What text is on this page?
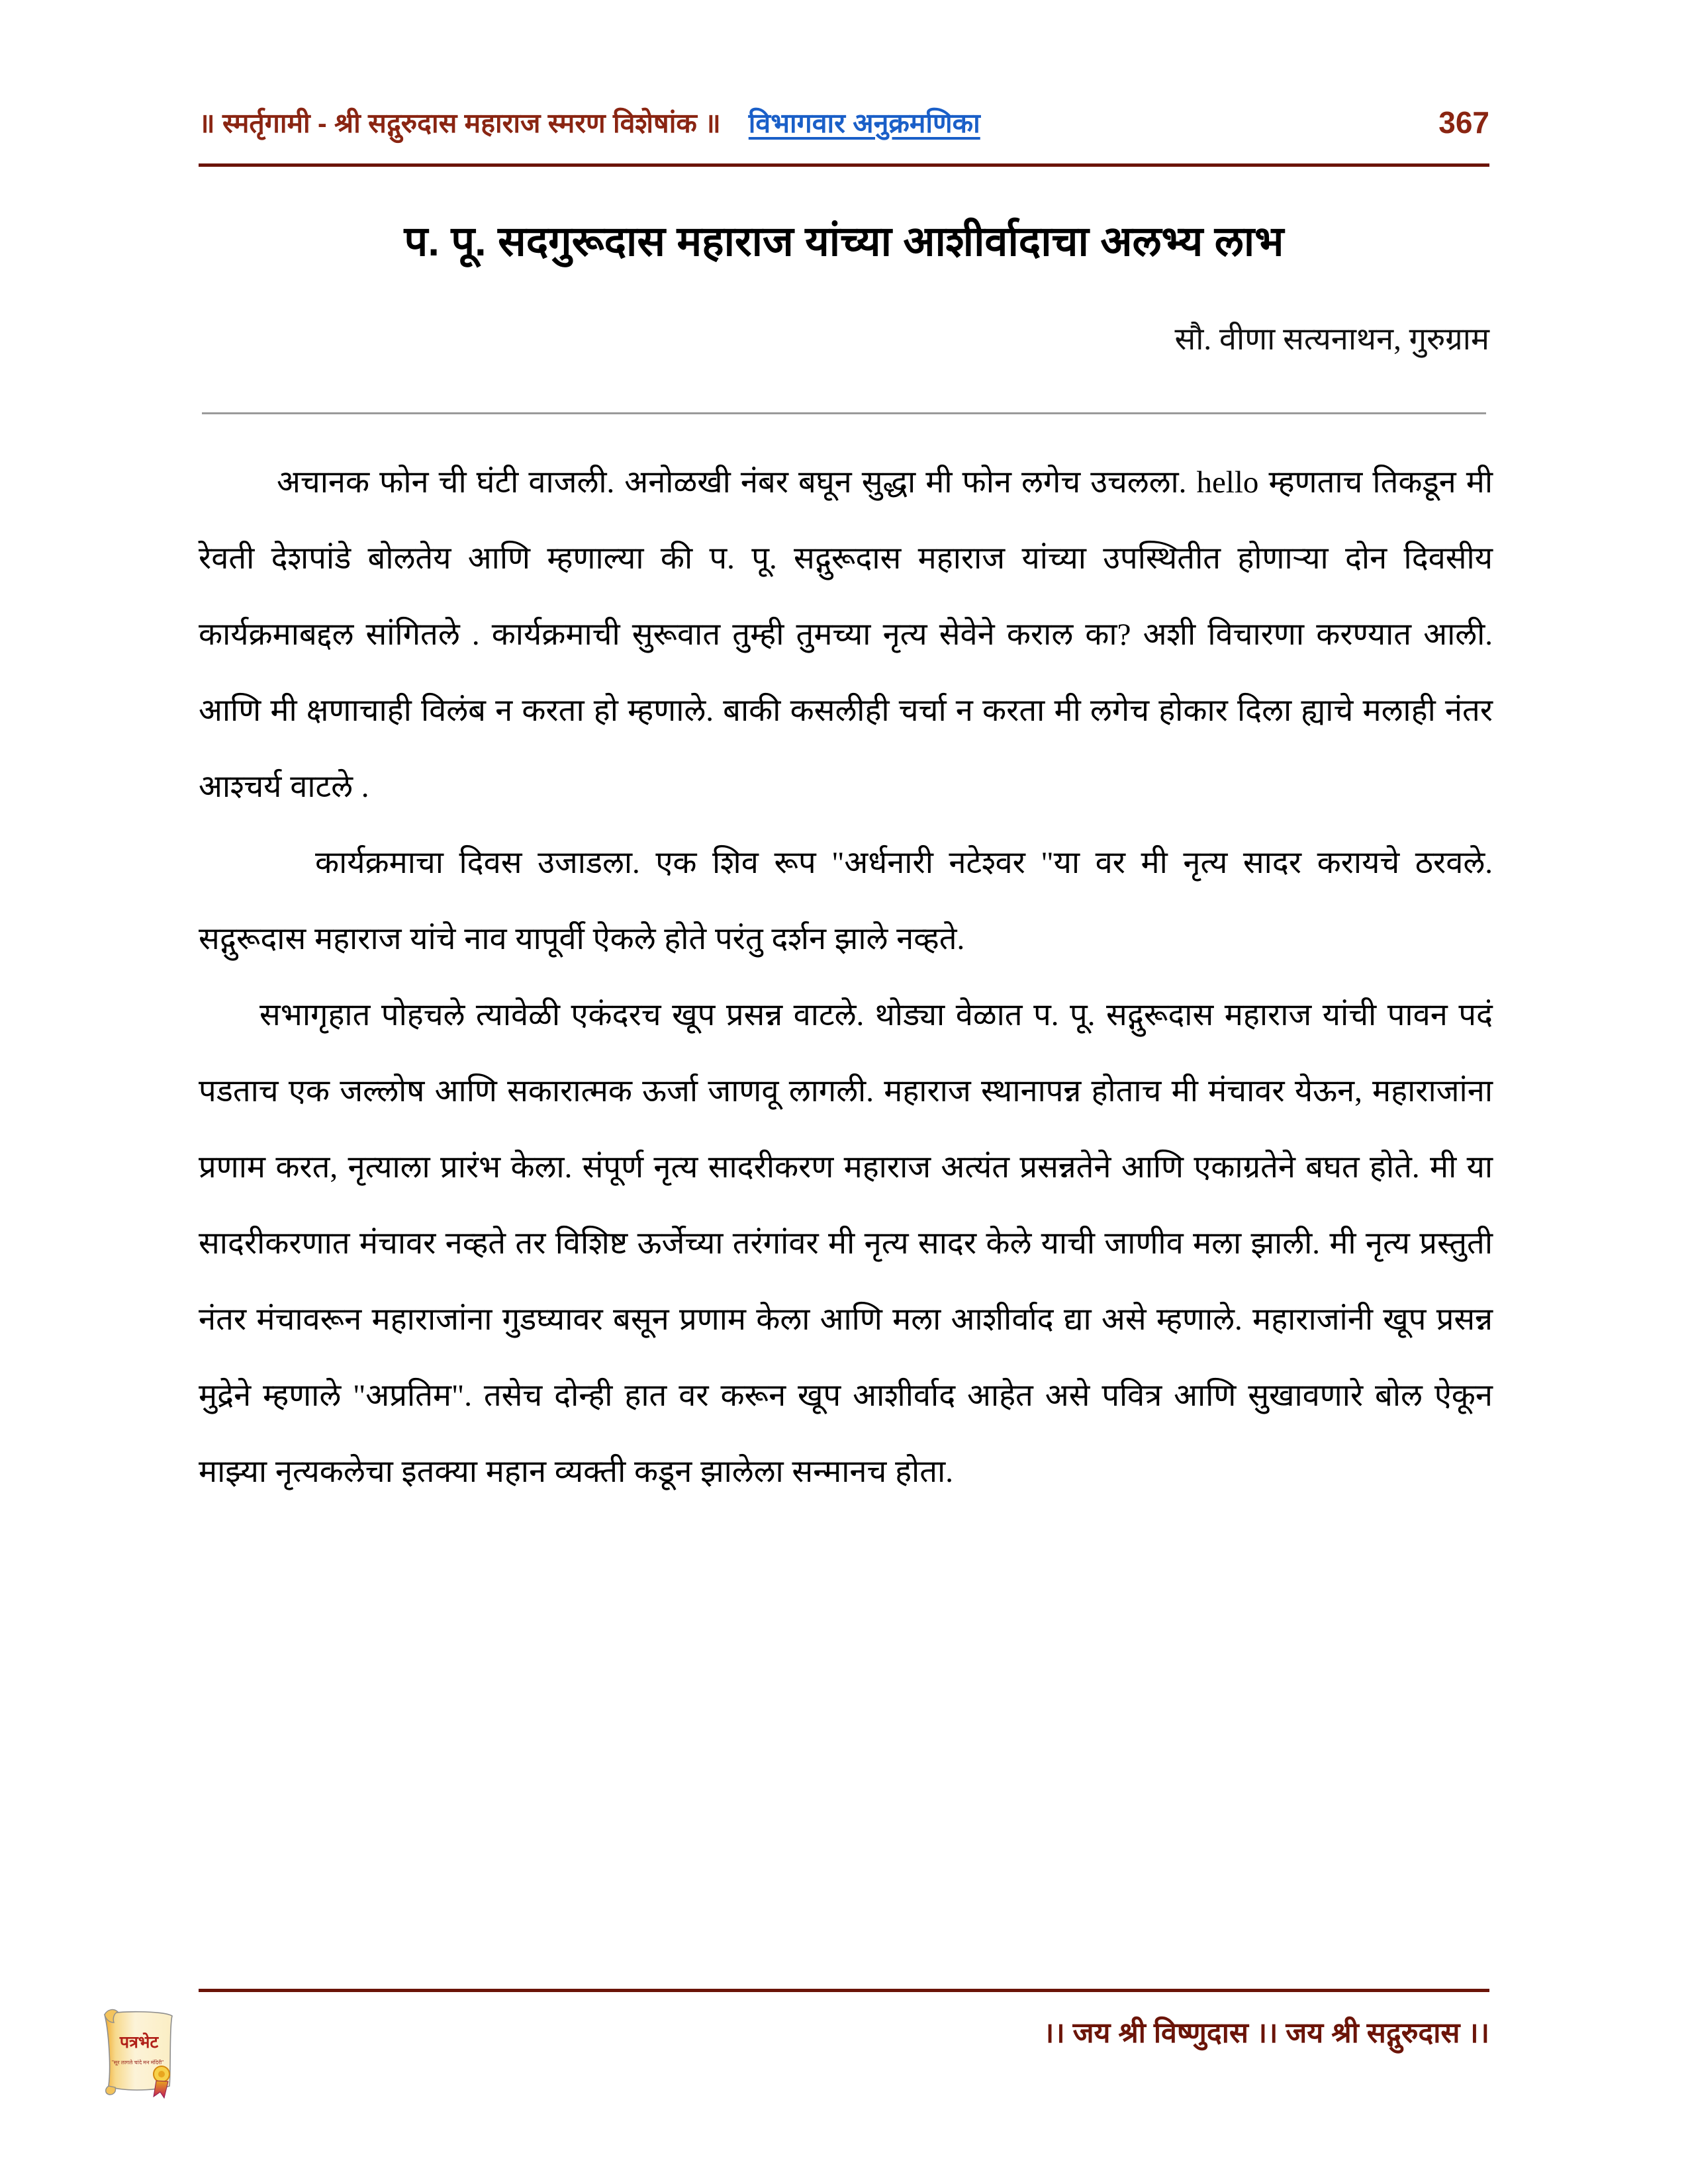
॥ स्मर्तृगामी - श्री सद्गुरुदास महाराज स्मरण विशेषांक ॥ विभागवार अनुक्रमणिका	367
प. पू. सदगुरूदास महाराज यांच्या आशीर्वादाचा अलभ्य लाभ
सौ. वीणा सत्यनाथन, गुरुग्राम

अचानक फोन ची घंटी वाजली. अनोळखी नंबर बघून सुद्धा मी फोन लगेच उचलला. hello म्हणताच तिकडून मी रेवती देशपांडे बोलतेय आणि म्हणाल्या की प. पू. सद्गुरूदास महाराज यांच्या उपस्थितीत होणाऱ्या दोन दिवसीय कार्यक्रमाबद्दल सांगितले . कार्यक्रमाची सुरूवात तुम्ही तुमच्या नृत्य सेवेने कराल का? अशी विचारणा करण्यात आली. आणि मी क्षणाचाही विलंब न करता हो म्हणाले. बाकी कसलीही चर्चा न करता मी लगेच होकार दिला ह्याचे मलाही नंतर आश्चर्य वाटले .

कार्यक्रमाचा दिवस उजाडला. एक शिव रूप "अर्धनारी नटेश्वर "या वर मी नृत्य सादर करायचे ठरवले. सद्गुरूदास महाराज यांचे नाव यापूर्वी ऐकले होते परंतु दर्शन झाले नव्हते.

सभागृहात पोहचले त्यावेळी एकंदरच खूप प्रसन्न वाटले. थोड्या वेळात प. पू. सद्गुरूदास महाराज यांची पावन पदं पडताच एक जल्लोष आणि सकारात्मक ऊर्जा जाणवू लागली. महाराज स्थानापन्न होताच मी मंचावर येऊन, महाराजांना प्रणाम करत, नृत्याला प्रारंभ केला. संपूर्ण नृत्य सादरीकरण महाराज अत्यंत प्रसन्नतेने आणि एकाग्रतेने बघत होते. मी या सादरीकरणात मंचावर नव्हते तर विशिष्ट ऊर्जेच्या तरंगांवर मी नृत्य सादर केले याची जाणीव मला झाली. मी नृत्य प्रस्तुती नंतर मंचावरून महाराजांना गुडघ्यावर बसून प्रणाम केला आणि मला आशीर्वाद द्या असे म्हणाले. महाराजांनी खूप प्रसन्न मुद्रेने म्हणाले "अप्रतिम". तसेच दोन्ही हात वर करून खूप आशीर्वाद आहेत असे पवित्र आणि सुखावणारे बोल ऐकून माझ्या नृत्यकलेचा इतक्या महान व्यक्ती कडून झालेला सन्मानच होता.

।। जय श्री विष्णुदास ।। जय श्री सद्गुरुदास ।।
पत्रभेट
"सूर लागले चांदे मन मंदिरी"
